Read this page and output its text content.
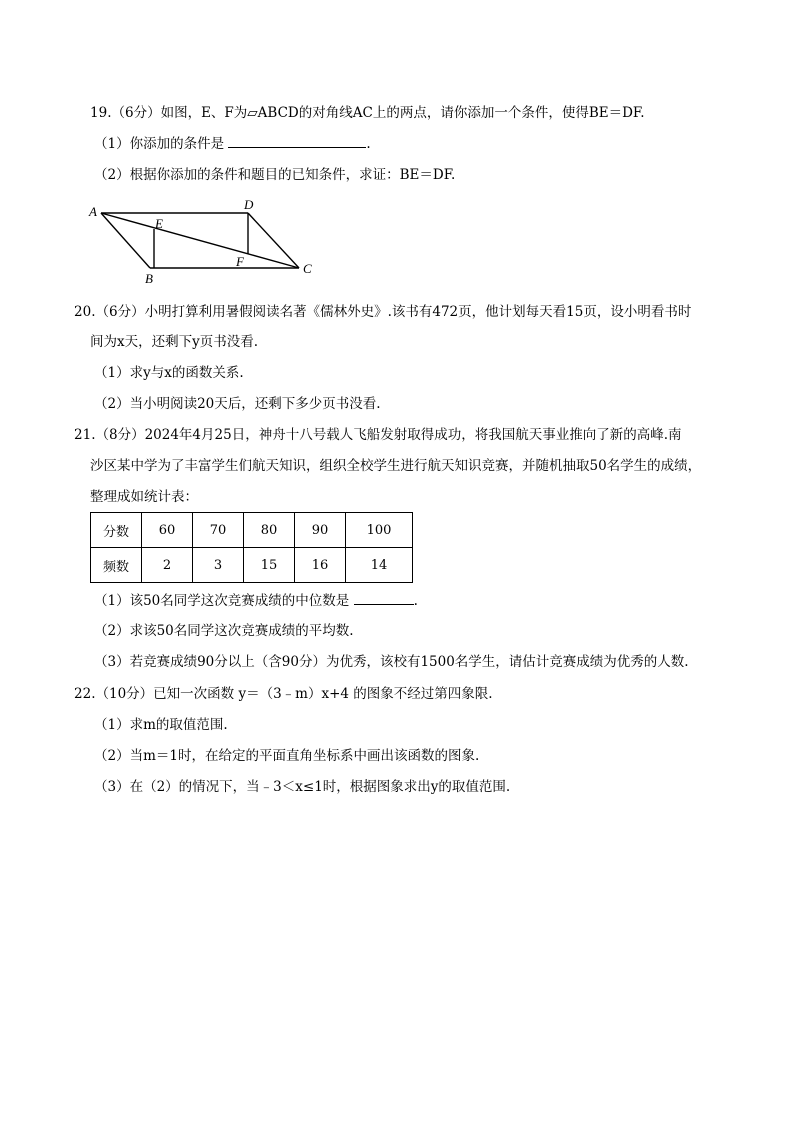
19.（6分）如图，E、F为▱ABCD的对角线AC上的两点，请你添加一个条件，使得BE＝DF.
（1）你添加的条件是	.
（2）根据你添加的条件和题目的已知条件，求证：BE＝DF.
A
B
C
D
E
F
20.（6分）小明打算利用暑假阅读名著《儒林外史》.该书有472页，他计划每天看15页，设小明看书时
间为x天，还剩下y页书没看.
（1）求y与x的函数关系.
（2）当小明阅读20天后，还剩下多少页书没看.
21.（8分）2024年4月25日，神舟十八号载人飞船发射取得成功，将我国航天事业推向了新的高峰.南
沙区某中学为了丰富学生们航天知识，组织全校学生进行航天知识竞赛，并随机抽取50名学生的成绩，
整理成如统计表：
分数	60	70	80	90	100
频数	2	3	15	16	14
（1）该50名同学这次竞赛成绩的中位数是	.
（2）求该50名同学这次竞赛成绩的平均数.
（3）若竞赛成绩90分以上（含90分）为优秀，该校有1500名学生，请估计竞赛成绩为优秀的人数.
22.（10分）已知一次函数 y＝（3﹣m）x+4 的图象不经过第四象限.
（1）求m的取值范围.
（2）当m＝1时，在给定的平面直角坐标系中画出该函数的图象.
（3）在（2）的情况下，当﹣3＜x≤1时，根据图象求出y的取值范围.
